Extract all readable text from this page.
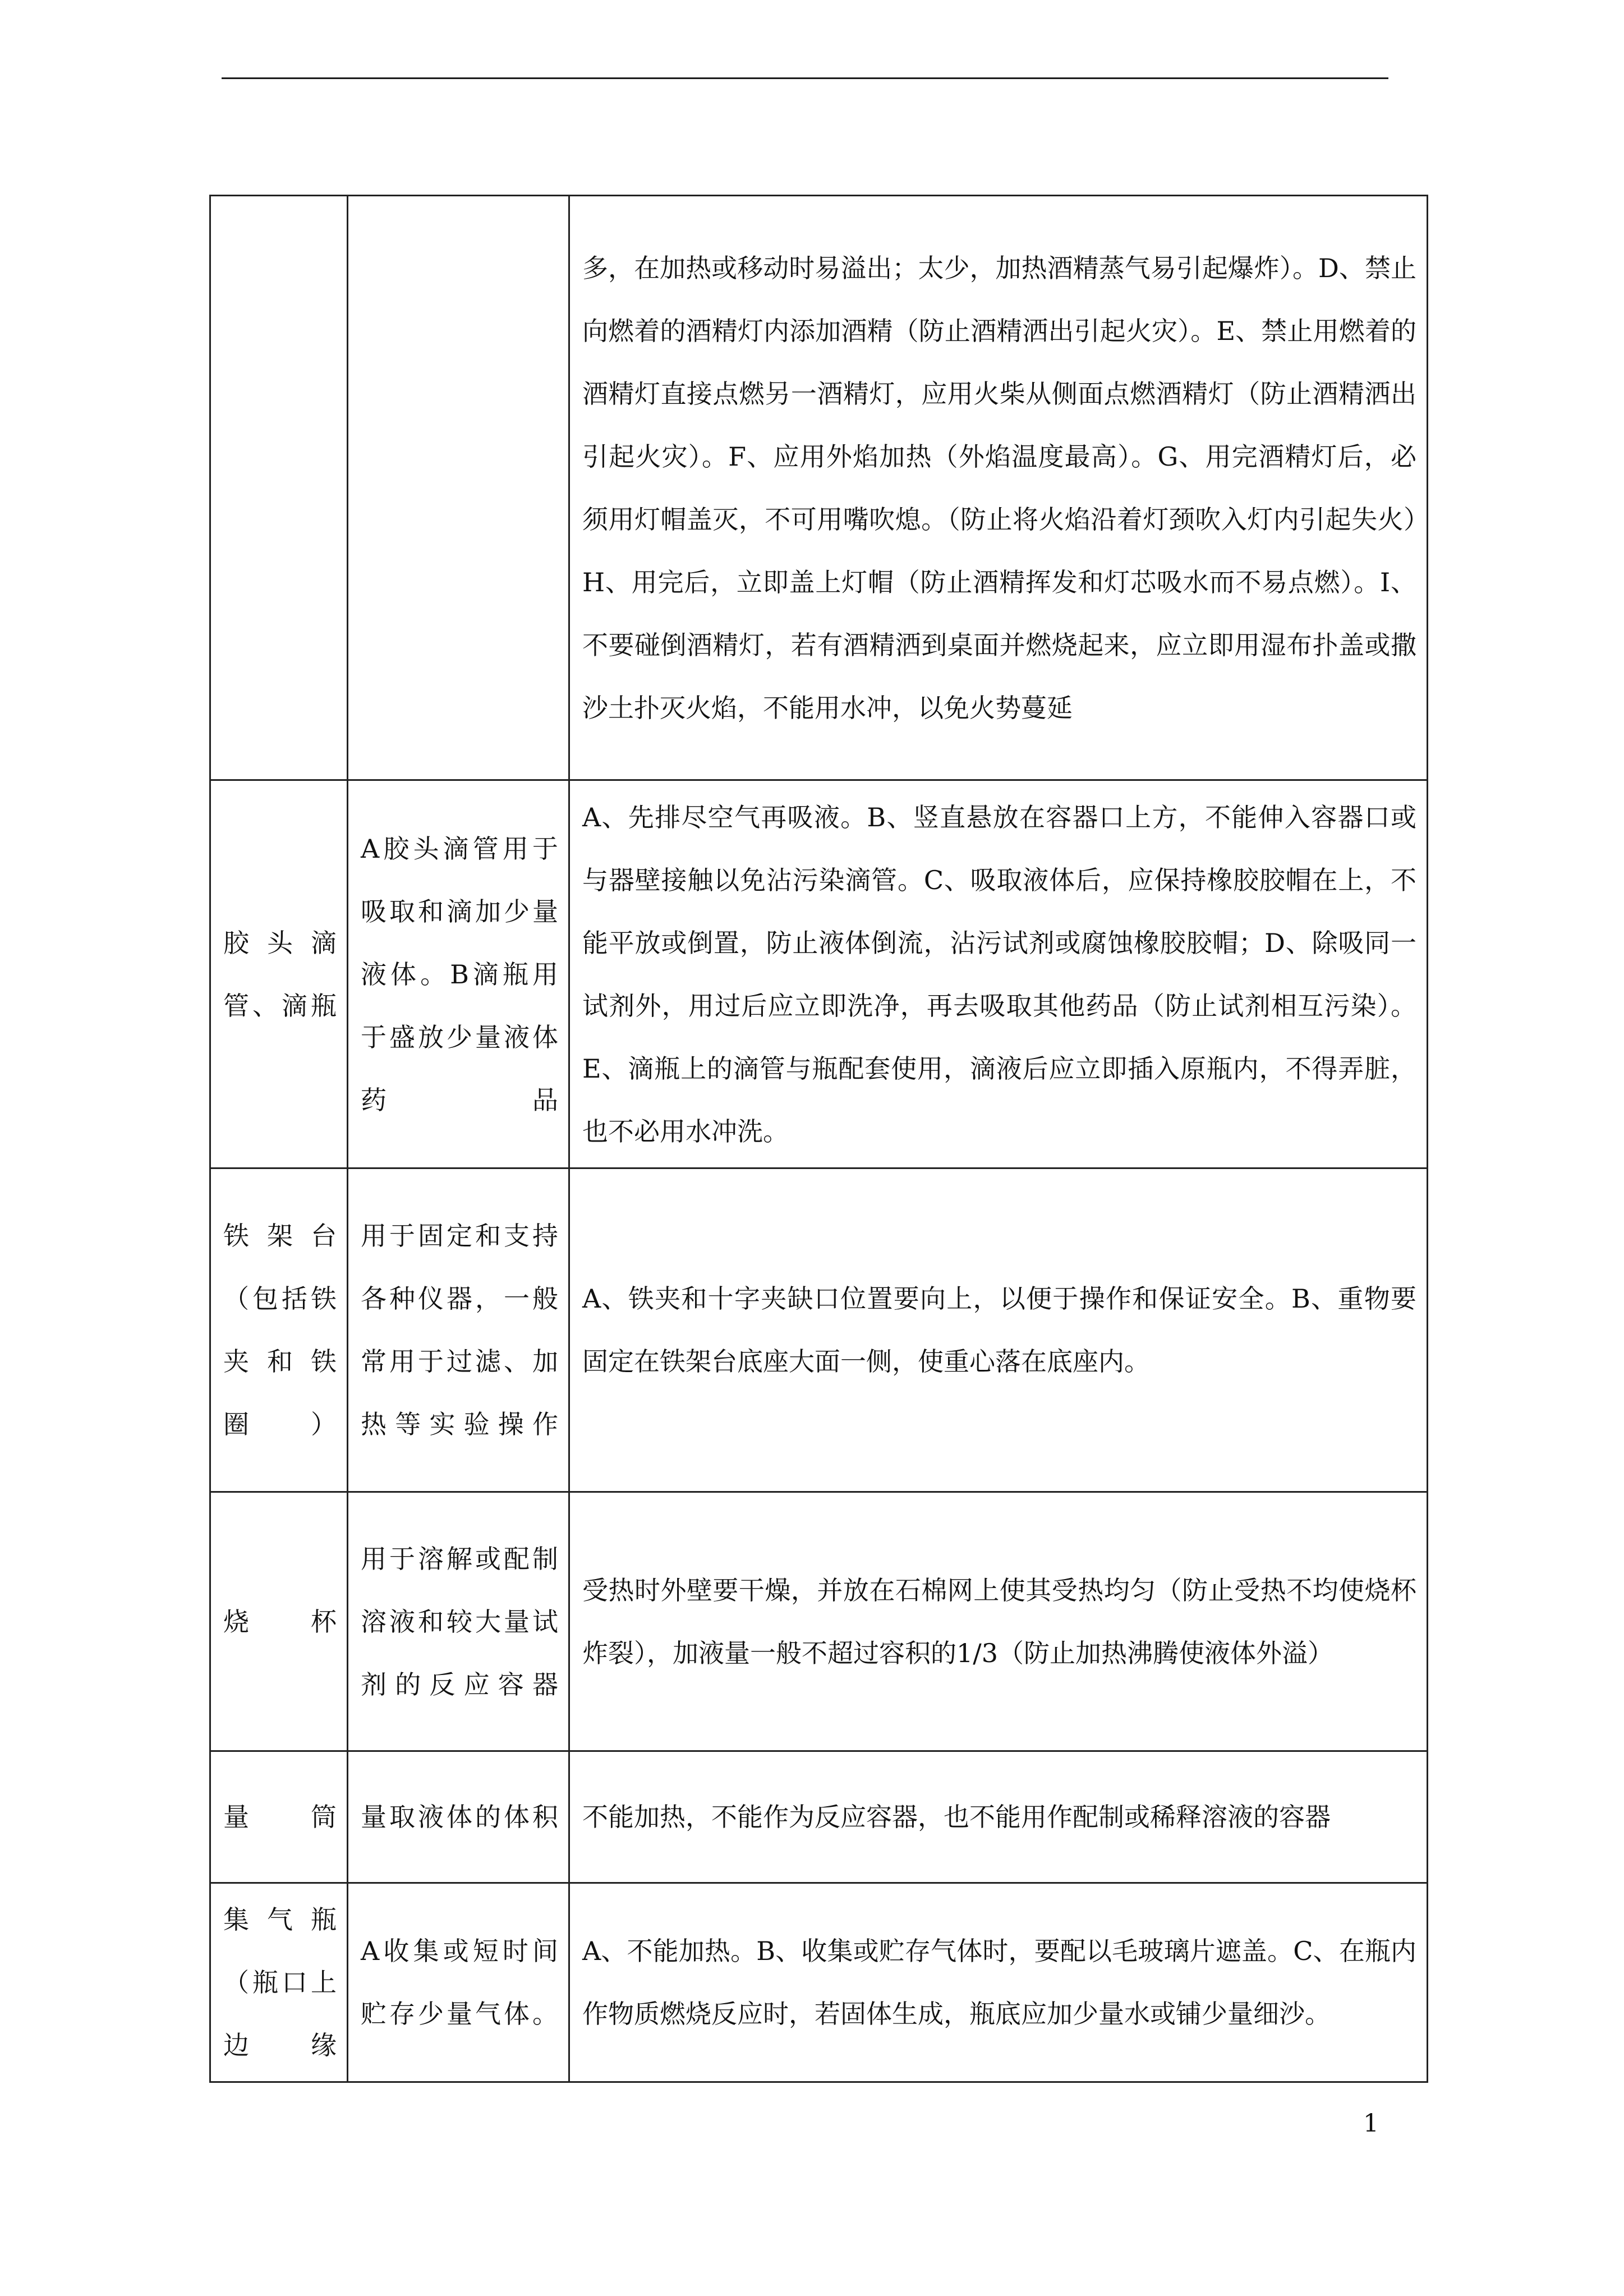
		多，在加热或移动时易溢出；太少，加热酒精蒸气易引起爆炸）。D、禁止向燃着的酒精灯内添加酒精（防止酒精洒出引起火灾）。E、禁止用燃着的酒精灯直接点燃另一酒精灯，应用火柴从侧面点燃酒精灯（防止酒精洒出引起火灾）。F、应用外焰加热（外焰温度最高）。G、用完酒精灯后，必须用灯帽盖灭，不可用嘴吹熄。（防止将火焰沿着灯颈吹入灯内引起失火）H、用完后，立即盖上灯帽（防止酒精挥发和灯芯吸水而不易点燃）。I、不要碰倒酒精灯，若有酒精洒到桌面并燃烧起来，应立即用湿布扑盖或撒沙土扑灭火焰，不能用水冲，以免火势蔓延

胶头滴管、滴瓶	A胶头滴管用于吸取和滴加少量液体。B滴瓶用于盛放少量液体药品	A、先排尽空气再吸液。B、竖直悬放在容器口上方，不能伸入容器口或与器壁接触以免沾污染滴管。C、吸取液体后，应保持橡胶胶帽在上，不能平放或倒置，防止液体倒流，沾污试剂或腐蚀橡胶胶帽；D、除吸同一试剂外，用过后应立即洗净，再去吸取其他药品（防止试剂相互污染）。E、滴瓶上的滴管与瓶配套使用，滴液后应立即插入原瓶内，不得弄脏，也不必用水冲洗。

铁架台（包括铁夹和铁圈）	用于固定和支持各种仪器，一般常用于过滤、加热等实验操作	A、铁夹和十字夹缺口位置要向上，以便于操作和保证安全。B、重物要固定在铁架台底座大面一侧，使重心落在底座内。

烧杯	用于溶解或配制溶液和较大量试剂的反应容器	受热时外壁要干燥，并放在石棉网上使其受热均匀（防止受热不均使烧杯炸裂），加液量一般不超过容积的1/3（防止加热沸腾使液体外溢）

量筒	量取液体的体积	不能加热，不能作为反应容器，也不能用作配制或稀释溶液的容器

集气瓶（瓶口上边缘	A收集或短时间贮存少量气体。	A、不能加热。B、收集或贮存气体时，要配以毛玻璃片遮盖。C、在瓶内作物质燃烧反应时，若固体生成，瓶底应加少量水或铺少量细沙。
1
